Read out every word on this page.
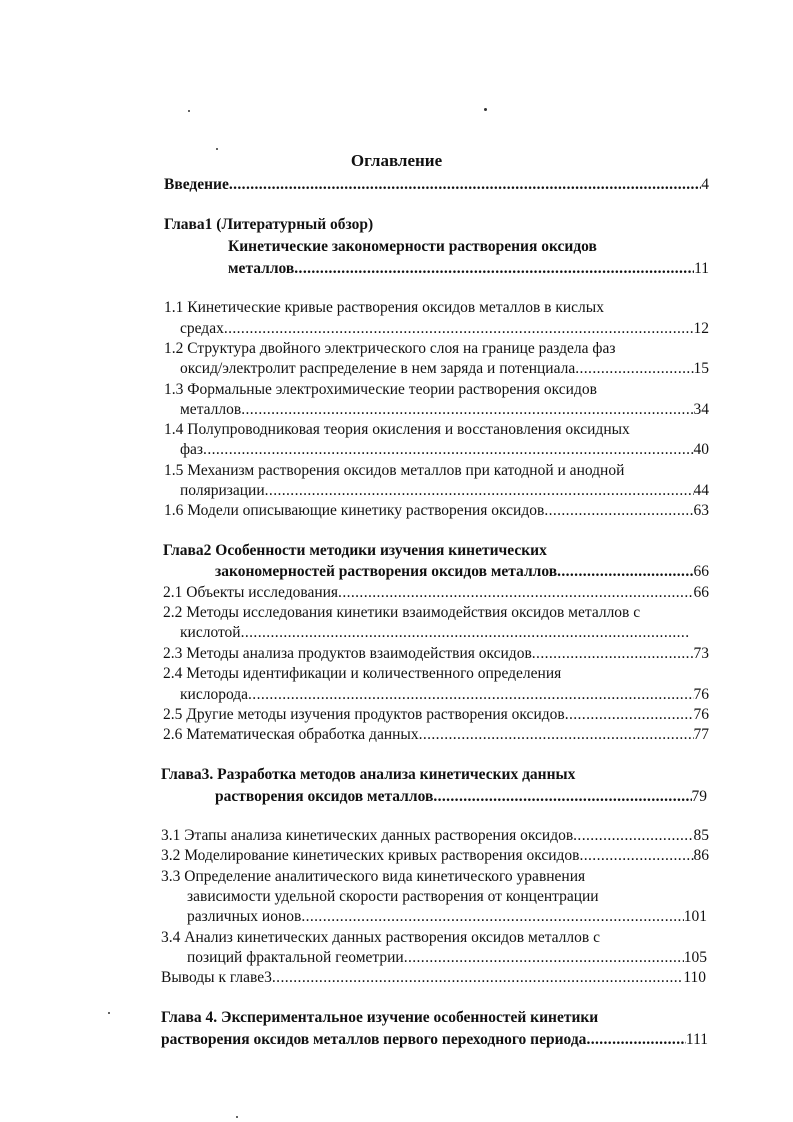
Оглавление
Введение .....	4
Глава1 (Литературный обзор)
Кинетические закономерности растворения оксидов
металлов .....	11
1.1 Кинетические кривые растворения оксидов металлов в кислых
средах .....	12
1.2 Структура двойного электрического слоя на границе раздела фаз
оксид/электролит распределение в нем заряда и потенциала .....	15
1.3 Формальные электрохимические теории растворения оксидов
металлов .....	34
1.4 Полупроводниковая теория окисления и восстановления оксидных
фаз .....	40
1.5 Механизм растворения оксидов металлов при катодной и анодной
поляризации .....	44
1.6 Модели описывающие кинетику растворения оксидов .....	63
Глава2 Особенности методики изучения кинетических
закономерностей растворения оксидов металлов .....	66
2.1 Объекты исследования .....	66
2.2 Методы исследования кинетики взаимодействия оксидов металлов с
кислотой
.....
2.3 Методы анализа продуктов взаимодействия оксидов .....	73
2.4 Методы идентификации и количественного определения
кислорода .....	76
2.5 Другие методы изучения продуктов растворения оксидов .....	76
2.6 Математическая обработка данных .....	77
Глава3. Разработка методов анализа кинетических данных
растворения оксидов металлов .....	79
3.1 Этапы анализа кинетических данных растворения оксидов .....	85
3.2 Моделирование кинетических кривых растворения оксидов .....	86
3.3 Определение аналитического вида кинетического уравнения
зависимости удельной скорости растворения от концентрации
различных ионов .....	101
3.4 Анализ кинетических данных растворения оксидов металлов с
позиций фрактальной геометрии .....	105
Выводы к главе3 .....	110
Глава 4. Экспериментальное изучение особенностей кинетики
растворения оксидов металлов первого переходного периода .....	111
